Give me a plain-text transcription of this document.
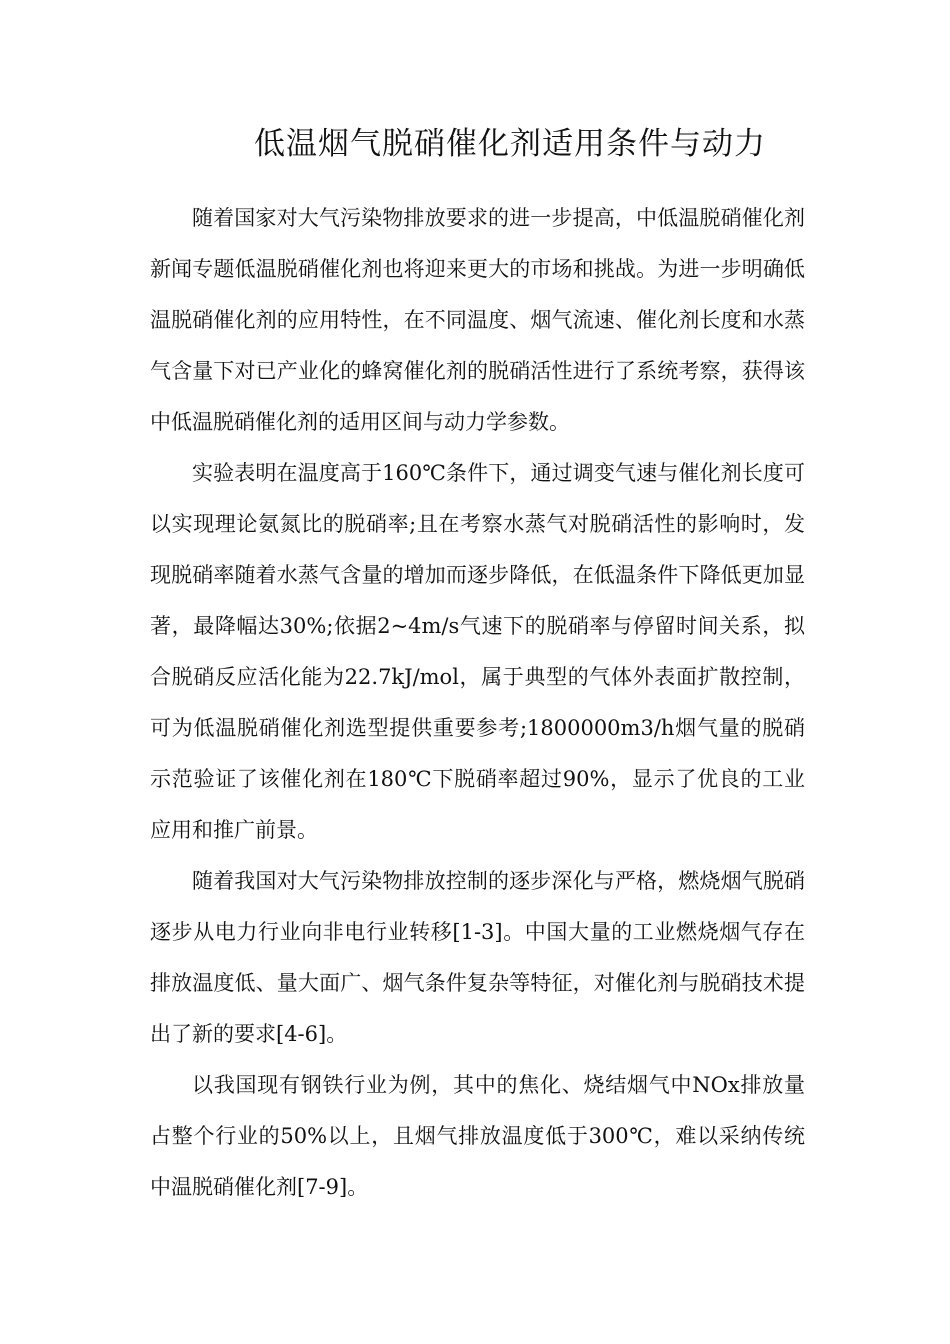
低温烟气脱硝催化剂适用条件与动力

随着国家对大气污染物排放要求的进一步提高，中低温脱硝催化剂新闻专题低温脱硝催化剂也将迎来更大的市场和挑战。为进一步明确低温脱硝催化剂的应用特性，在不同温度、烟气流速、催化剂长度和水蒸气含量下对已产业化的蜂窝催化剂的脱硝活性进行了系统考察，获得该中低温脱硝催化剂的适用区间与动力学参数。

实验表明在温度高于160℃条件下，通过调变气速与催化剂长度可以实现理论氨氮比的脱硝率;且在考察水蒸气对脱硝活性的影响时，发现脱硝率随着水蒸气含量的增加而逐步降低，在低温条件下降低更加显著，最降幅达30%;依据2~4m/s气速下的脱硝率与停留时间关系，拟合脱硝反应活化能为22.7kJ/mol，属于典型的气体外表面扩散控制，可为低温脱硝催化剂选型提供重要参考;1800000m3/h烟气量的脱硝示范验证了该催化剂在180℃下脱硝率超过90%，显示了优良的工业应用和推广前景。

随着我国对大气污染物排放控制的逐步深化与严格，燃烧烟气脱硝逐步从电力行业向非电行业转移[1-3]。中国大量的工业燃烧烟气存在排放温度低、量大面广、烟气条件复杂等特征，对催化剂与脱硝技术提出了新的要求[4-6]。

以我国现有钢铁行业为例，其中的焦化、烧结烟气中NOx排放量占整个行业的50%以上，且烟气排放温度低于300℃，难以采纳传统中温脱硝催化剂[7-9]。
